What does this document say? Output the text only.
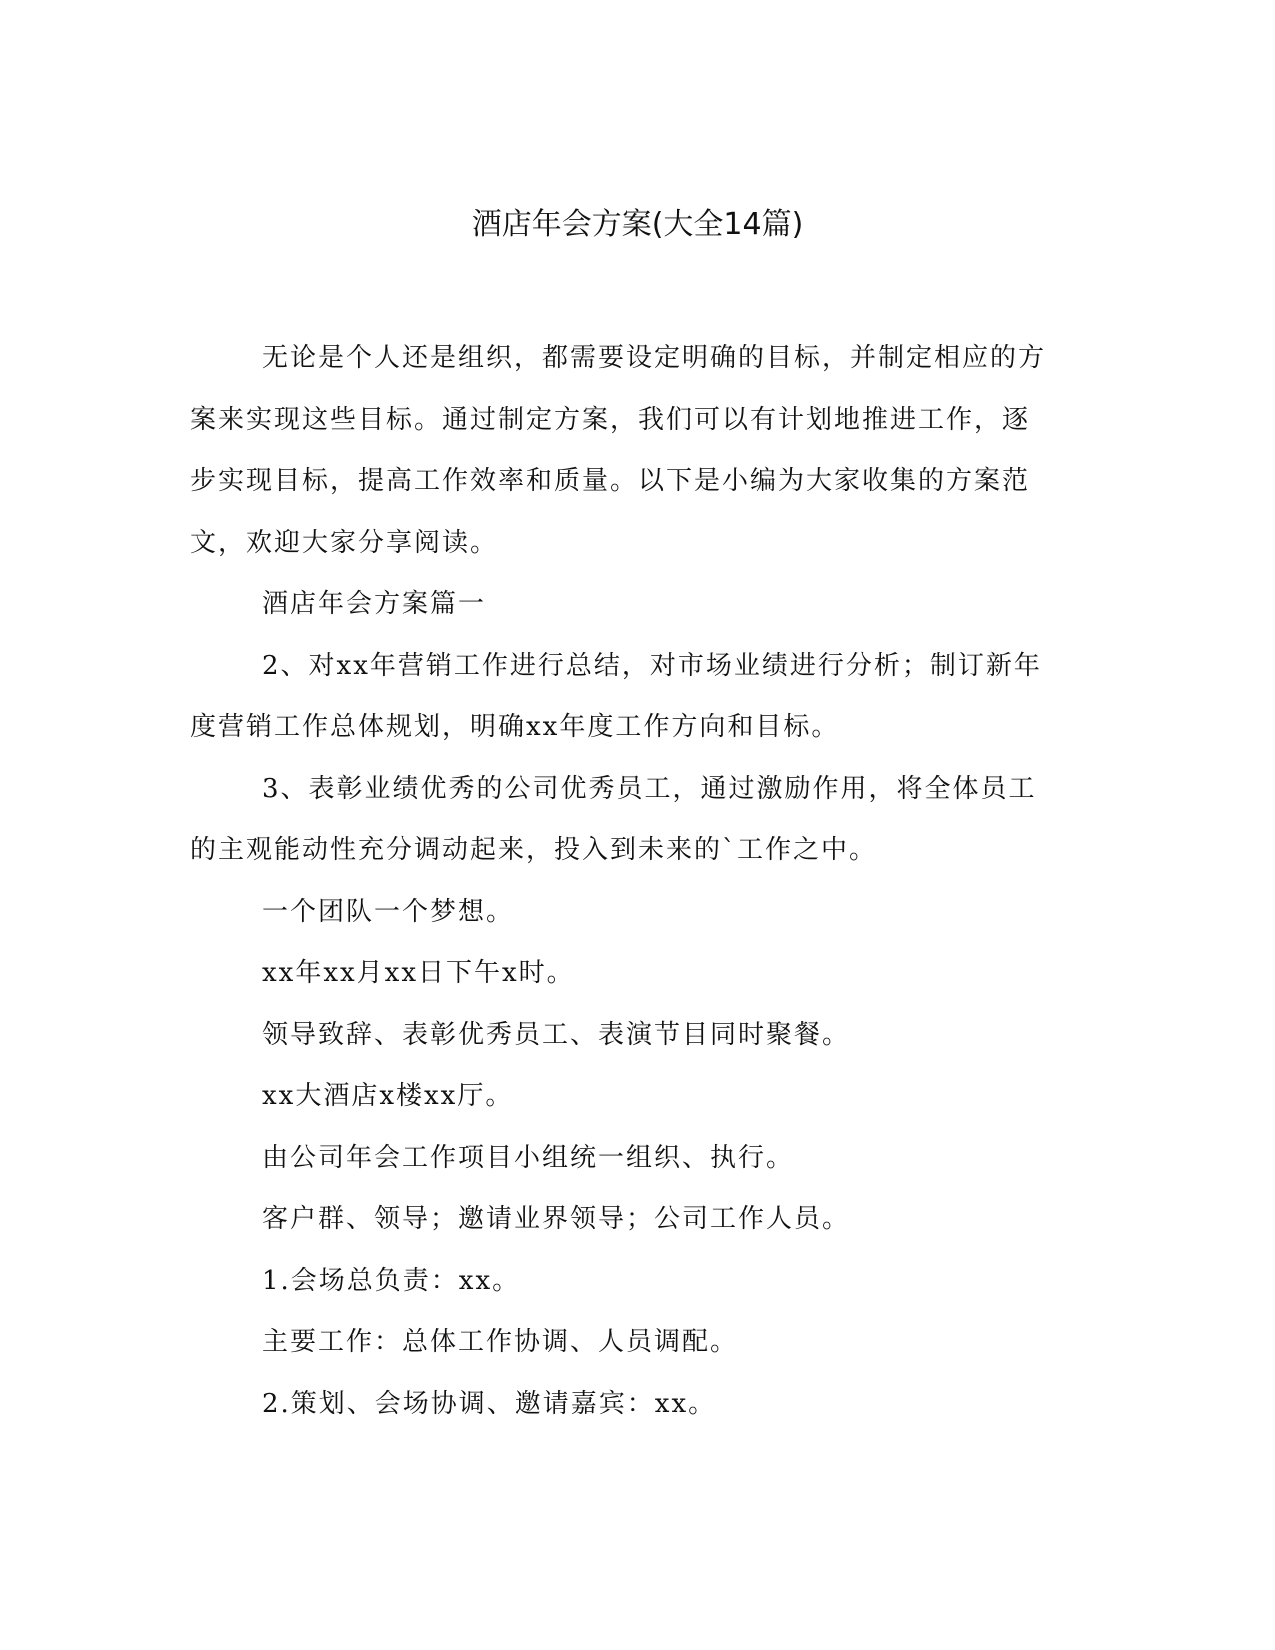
酒店年会方案(大全14篇)
无论是个人还是组织，都需要设定明确的目标，并制定相应的方
案来实现这些目标。通过制定方案，我们可以有计划地推进工作，逐
步实现目标，提高工作效率和质量。以下是小编为大家收集的方案范
文，欢迎大家分享阅读。
酒店年会方案篇一
2、对xx年营销工作进行总结，对市场业绩进行分析；制订新年
度营销工作总体规划，明确xx年度工作方向和目标。
3、表彰业绩优秀的公司优秀员工，通过激励作用，将全体员工
的主观能动性充分调动起来，投入到未来的`工作之中。
一个团队一个梦想。
xx年xx月xx日下午x时。
领导致辞、表彰优秀员工、表演节目同时聚餐。
xx大酒店x楼xx厅。
由公司年会工作项目小组统一组织、执行。
客户群、领导；邀请业界领导；公司工作人员。
1.会场总负责：xx。
主要工作：总体工作协调、人员调配。
2.策划、会场协调、邀请嘉宾：xx。
